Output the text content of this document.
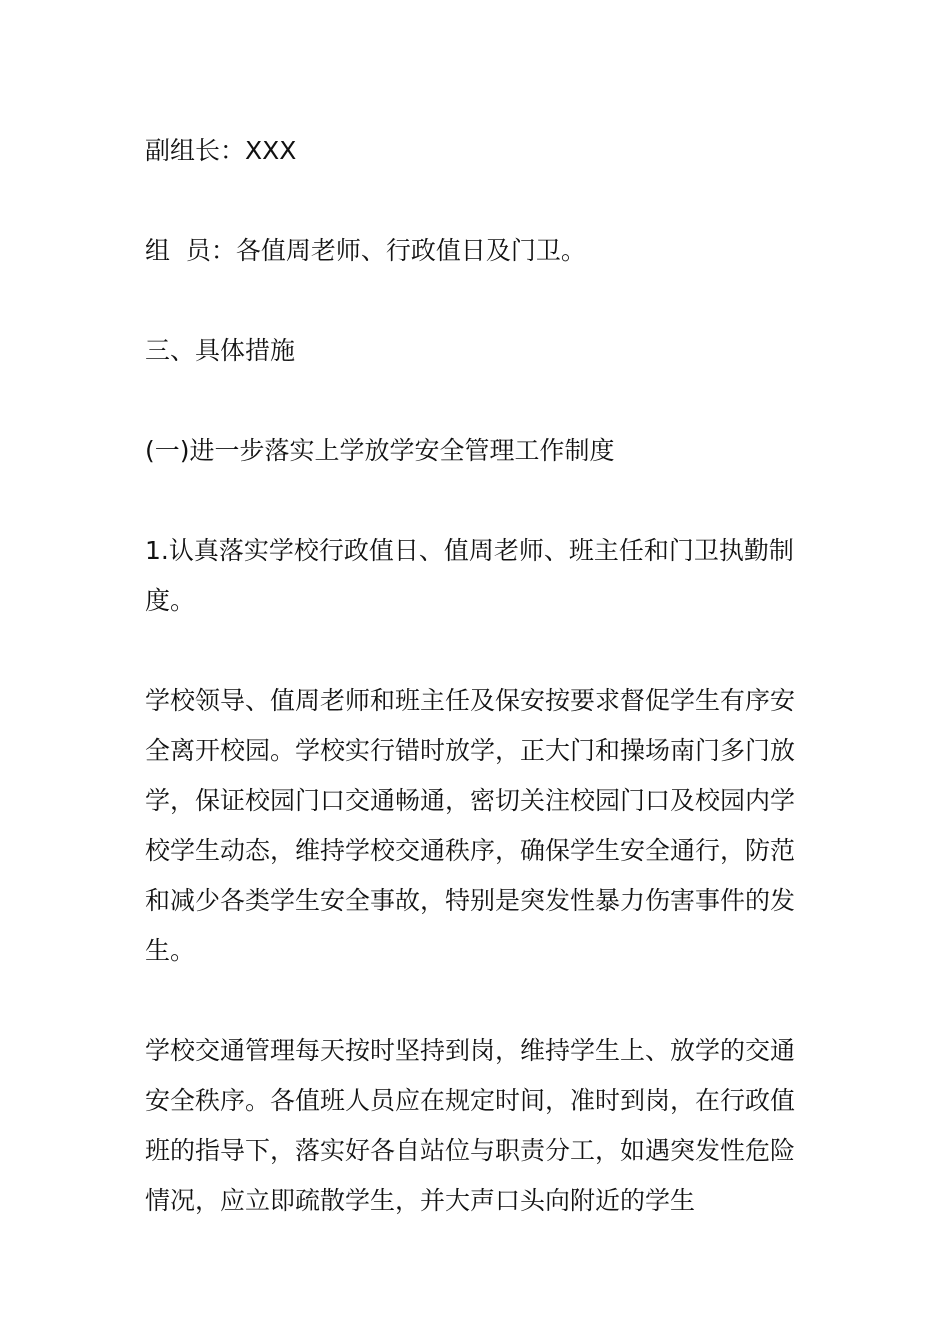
副组长：XXX

组  员：各值周老师、行政值日及门卫。

三、具体措施

(一)进一步落实上学放学安全管理工作制度

1.认真落实学校行政值日、值周老师、班主任和门卫执勤制度。

学校领导、值周老师和班主任及保安按要求督促学生有序安全离开校园。学校实行错时放学，正大门和操场南门多门放学，保证校园门口交通畅通，密切关注校园门口及校园内学校学生动态，维持学校交通秩序，确保学生安全通行，防范和减少各类学生安全事故，特别是突发性暴力伤害事件的发生。

学校交通管理每天按时坚持到岗，维持学生上、放学的交通安全秩序。各值班人员应在规定时间，准时到岗，在行政值班的指导下，落实好各自站位与职责分工，如遇突发性危险情况，应立即疏散学生，并大声口头向附近的学生
